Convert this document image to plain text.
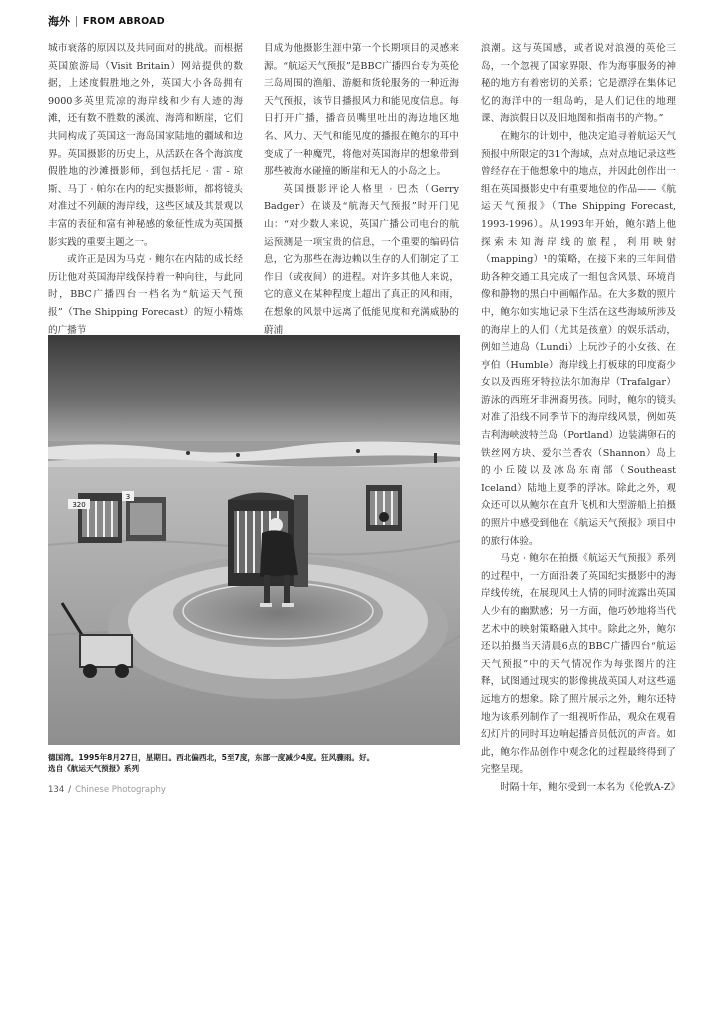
海外 FROM ABROAD

城市衰落的原因以及共同面对的挑战。而根据英国旅游局（Visit Britain）网站提供的数据，上述度假胜地之外，英国大小各岛拥有9000多英里荒凉的海岸线和少有人迹的海滩，还有数不胜数的溪流、海湾和断崖，它们共同构成了英国这一海岛国家陆地的疆域和边界。英国摄影的历史上，从活跃在各个海滨度假胜地的沙滩摄影师，到包括托尼 · 雷 - 琼斯、马丁 · 帕尔在内的纪实摄影师，都将镜头对准过不列颠的海岸线，这些区域及其景观以丰富的表征和富有神秘感的象征性成为英国摄影实践的重要主题之一。

或许正是因为马克 · 鲍尔在内陆的成长经历让他对英国海岸线保持着一种向往，与此同时，BBC广播四台一档名为“航运天气预报”（The Shipping Forecast）的短小精炼的广播节

目成为他摄影生涯中第一个长期项目的灵感来源。“航运天气预报”是BBC广播四台专为英伦三岛周围的渔船、游艇和货轮服务的一种近海天气预报，该节目播报风力和能见度信息。每日打开广播，播音员嘴里吐出的海边地区地名、风力、天气和能见度的播报在鲍尔的耳中变成了一种魔咒，将他对英国海岸的想象带到那些被海水碰撞的断崖和无人的小岛之上。

英国摄影评论人格里 · 巴杰（Gerry Badger）在谈及“航海天气预报”时开门见山：“对少数人来说，英国广播公司电台的航运预测是一项宝贵的信息，一个重要的编码信息，它为那些在海边赖以生存的人们制定了工作日（或夜间）的进程。对许多其他人来说，它的意义在某种程度上超出了真正的风和雨，在想象的风景中远离了低能见度和充满威胁的蔚浦

浪潮。这与英国感，或者说对浪漫的英伦三岛，一个忽视了国家界限、作为海事服务的神秘的地方有着密切的关系；它是漂浮在集体记忆的海洋中的一组岛屿，是人们记住的地理课、海滨假日以及旧地图和指南书的产物。”

在鲍尔的计划中，他决定追寻着航运天气预报中所限定的31个海域，点对点地记录这些曾经存在于他想象中的地点，并因此创作出一组在英国摄影史中有重要地位的作品——《航运天气预报》（The Shipping Forecast, 1993-1996）。从1993年开始，鲍尔踏上他探索未知海岸线的旅程，利用映射（mapping）¹的策略，在接下来的三年间借助各种交通工具完成了一组包含风景、环境肖像和静物的黑白中画幅作品。在大多数的照片中，鲍尔如实地记录下生活在这些海域所涉及的海岸上的人们（尤其是孩童）的娱乐活动，例如兰迪岛（Lundi）上玩沙子的小女孩、在亨伯（Humble）海岸线上打板球的印度裔少女以及西班牙特拉法尔加海岸（Trafalgar）游泳的西班牙非洲裔男孩。同时，鲍尔的镜头对准了沿线不同季节下的海岸线风景，例如英吉利海峡波特兰岛（Portland）边装满卵石的铁丝网方块、爱尔兰香农（Shannon）岛上的小丘陵以及冰岛东南部（Southeast Iceland）陆地上夏季的浮冰。除此之外，观众还可以从鲍尔在直升飞机和大型游船上拍摄的照片中感受到他在《航运天气预报》项目中的旅行体验。

马克 · 鲍尔在拍摄《航运天气预报》系列的过程中，一方面沿袭了英国纪实摄影中的海岸线传统，在展现风土人情的同时流露出英国人少有的幽默感；另一方面，他巧妙地将当代艺术中的映射策略融入其中。除此之外，鲍尔还以拍摄当天清晨6点的BBC广播四台“航运天气预报”中的天气情况作为每张图片的注释，试图通过现实的影像挑战英国人对这些遥远地方的想象。除了照片展示之外，鲍尔还特地为该系列制作了一组视听作品，观众在观看幻灯片的同时耳边响起播音员低沉的声音。如此，鲍尔作品创作中观念化的过程最终得到了完整呈现。

时隔十年，鲍尔受到一本名为《伦敦A-Z》

320
3

德国湾。1995年8月27日，星期日。西北偏西北，5至7度，东部一度减少4度。狂风骤雨。好。

选自《航运天气预报》系列

134 / Chinese Photography
